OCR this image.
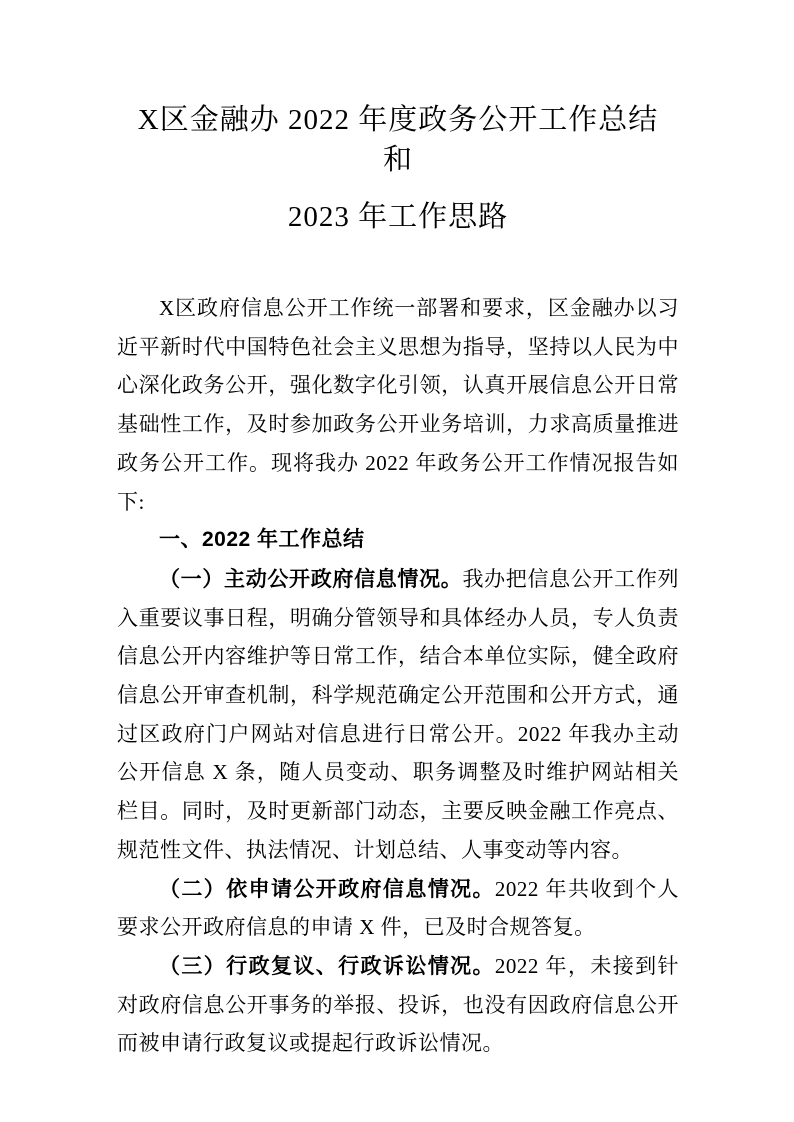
X区金融办 2022 年度政务公开工作总结
和
2023 年工作思路

X区政府信息公开工作统一部署和要求，区金融办以习近平新时代中国特色社会主义思想为指导，坚持以人民为中心深化政务公开，强化数字化引领，认真开展信息公开日常基础性工作，及时参加政务公开业务培训，力求高质量推进政务公开工作。现将我办 2022 年政务公开工作情况报告如下:

一、2022 年工作总结

（一）主动公开政府信息情况。我办把信息公开工作列入重要议事日程，明确分管领导和具体经办人员，专人负责信息公开内容维护等日常工作，结合本单位实际，健全政府信息公开审查机制，科学规范确定公开范围和公开方式，通过区政府门户网站对信息进行日常公开。2022 年我办主动公开信息 X 条，随人员变动、职务调整及时维护网站相关栏目。同时，及时更新部门动态，主要反映金融工作亮点、规范性文件、执法情况、计划总结、人事变动等内容。

（二）依申请公开政府信息情况。2022 年共收到个人要求公开政府信息的申请 X 件，已及时合规答复。

（三）行政复议、行政诉讼情况。2022 年，未接到针对政府信息公开事务的举报、投诉，也没有因政府信息公开而被申请行政复议或提起行政诉讼情况。
